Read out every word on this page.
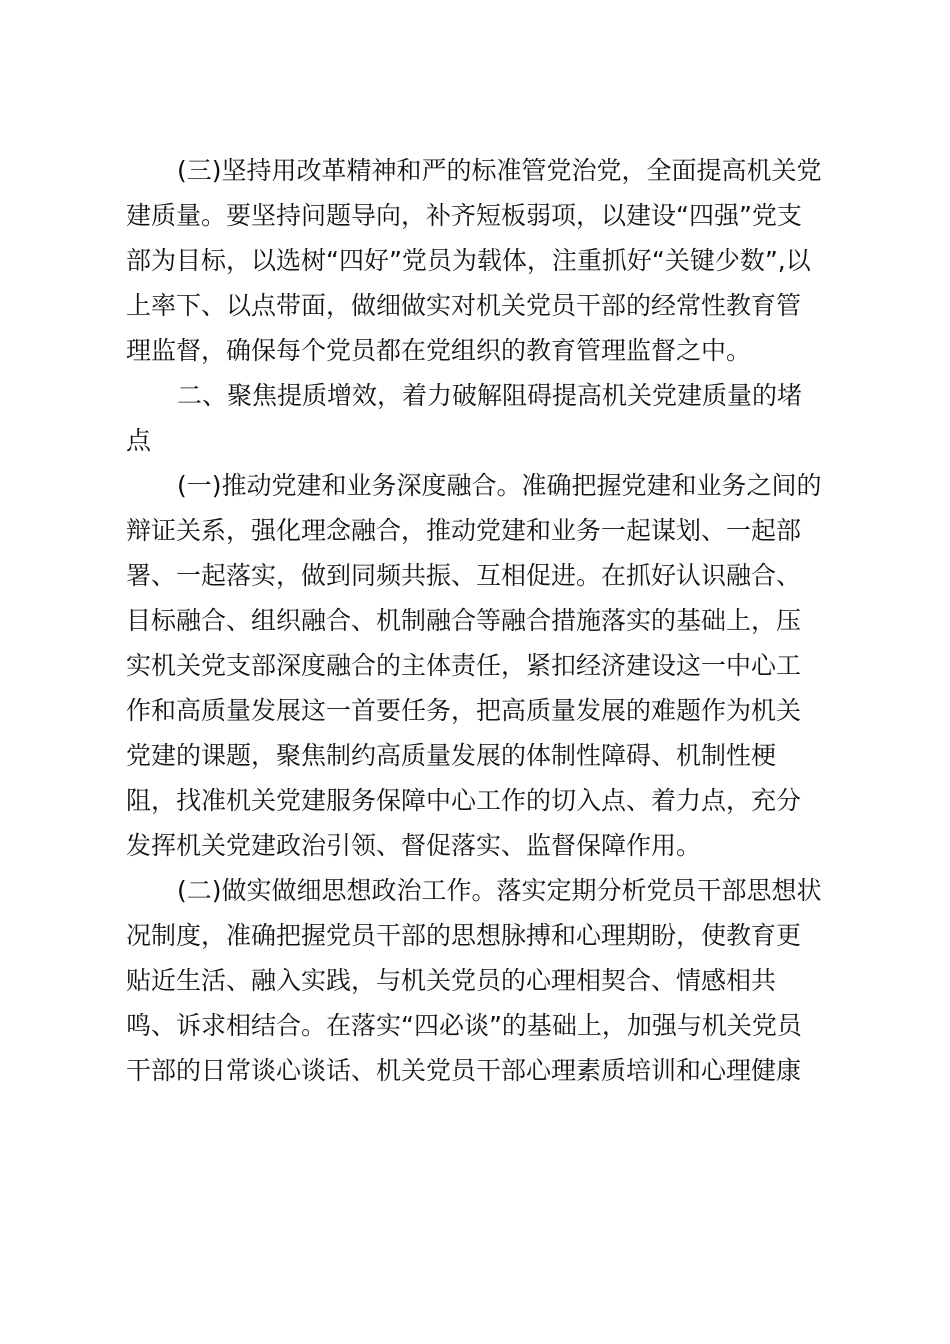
(三)坚持用改革精神和严的标准管党治党，全面提高机关党
建质量。要坚持问题导向，补齐短板弱项，以建设“四强”党支
部为目标，以选树“四好”党员为载体，注重抓好“关键少数”,以
上率下、以点带面，做细做实对机关党员干部的经常性教育管
理监督，确保每个党员都在党组织的教育管理监督之中。
二、聚焦提质增效，着力破解阻碍提高机关党建质量的堵
点
(一)推动党建和业务深度融合。准确把握党建和业务之间的
辩证关系，强化理念融合，推动党建和业务一起谋划、一起部
署、一起落实，做到同频共振、互相促进。在抓好认识融合、
目标融合、组织融合、机制融合等融合措施落实的基础上，压
实机关党支部深度融合的主体责任，紧扣经济建设这一中心工
作和高质量发展这一首要任务，把高质量发展的难题作为机关
党建的课题，聚焦制约高质量发展的体制性障碍、机制性梗
阻，找准机关党建服务保障中心工作的切入点、着力点，充分
发挥机关党建政治引领、督促落实、监督保障作用。
(二)做实做细思想政治工作。落实定期分析党员干部思想状
况制度，准确把握党员干部的思想脉搏和心理期盼，使教育更
贴近生活、融入实践，与机关党员的心理相契合、情感相共
鸣、诉求相结合。在落实“四必谈”的基础上，加强与机关党员
干部的日常谈心谈话、机关党员干部心理素质培训和心理健康
